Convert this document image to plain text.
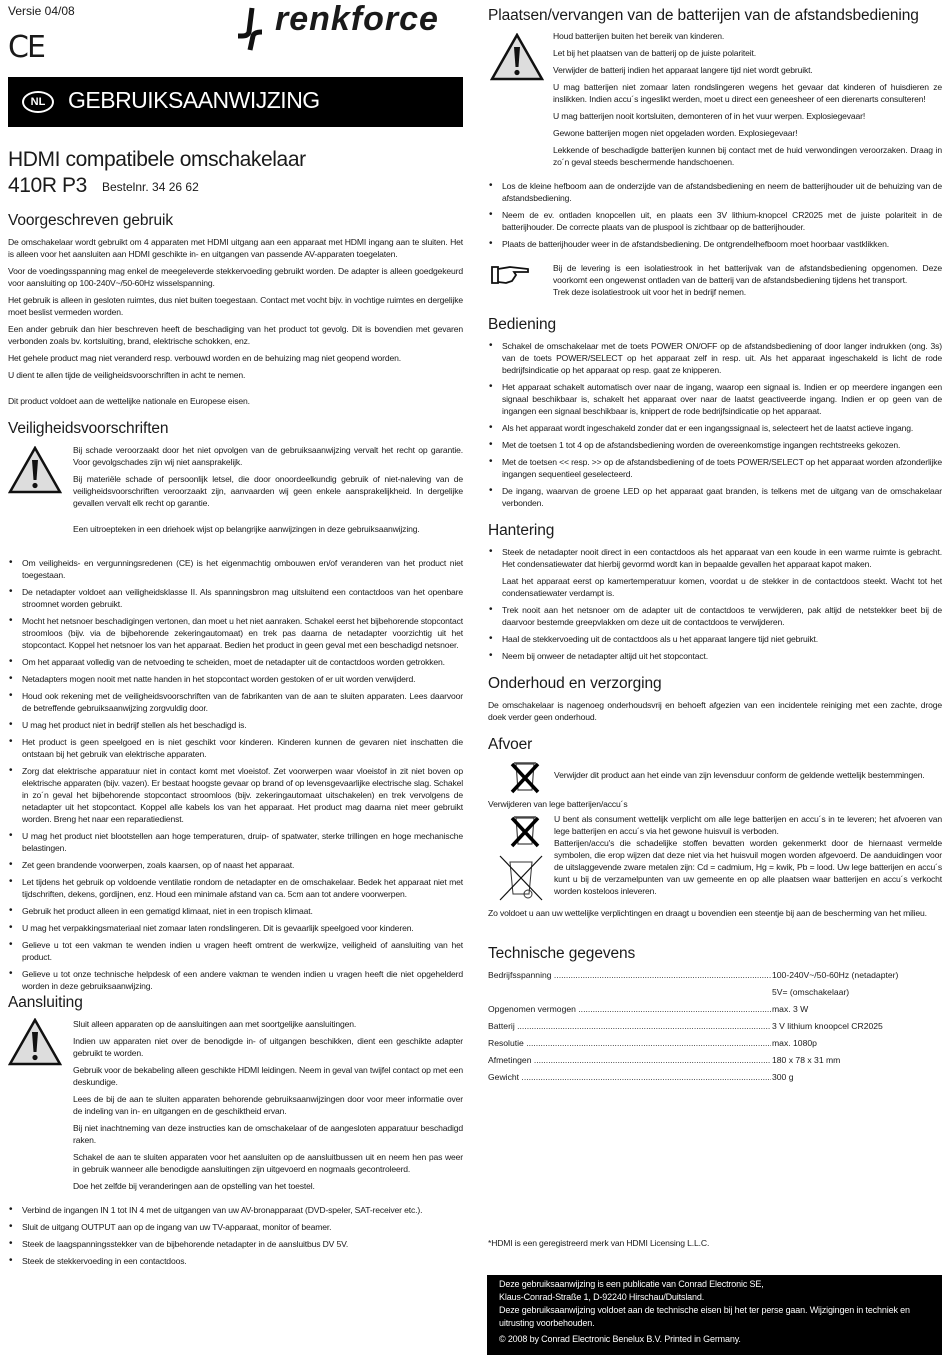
Versie 04/08
CE
renkforce
NL GEBRUIKSAANWIJZING
HDMI compatibele omschakelaar
410R P3 Bestelnr. 34 26 62
Voorgeschreven gebruik

De omschakelaar wordt gebruikt om 4 apparaten met HDMI uitgang aan een apparaat met HDMI ingang aan te sluiten. Het is alleen voor het aansluiten aan HDMI geschikte in- en uitgangen van passende AV-apparaten toegelaten.

Voor de voedingsspanning mag enkel de meegeleverde stekkervoeding gebruikt worden. De adapter is alleen goedgekeurd voor aansluiting op 100-240V~/50-60Hz wisselspanning.

Het gebruik is alleen in gesloten ruimtes, dus niet buiten toegestaan. Contact met vocht bijv. in vochtige ruimtes en dergelijke moet beslist vermeden worden.

Een ander gebruik dan hier beschreven heeft de beschadiging van het product tot gevolg. Dit is bovendien met gevaren verbonden zoals bv. kortsluiting, brand, elektrische schokken, enz.

Het gehele product mag niet veranderd resp. verbouwd worden en de behuizing mag niet geopend worden.

U dient te allen tijde de veiligheidsvoorschriften in acht te nemen.

Dit product voldoet aan de wettelijke nationale en Europese eisen.

Veiligheidsvoorschriften

Bij schade veroorzaakt door het niet opvolgen van de gebruiksaanwijzing vervalt het recht op garantie. Voor gevolgschades zijn wij niet aansprakelijk.

Bij materiële schade of persoonlijk letsel, die door onoordeelkundig gebruik of niet-naleving van de veiligheidsvoorschriften veroorzaakt zijn, aanvaarden wij geen enkele aansprakelijkheid. In dergelijke gevallen vervalt elk recht op garantie.

Een uitroepteken in een driehoek wijst op belangrijke aanwijzingen in deze gebruiksaanwijzing.

• Om veiligheids- en vergunningsredenen (CE) is het eigenmachtig ombouwen en/of veranderen van het product niet toegestaan.
• De netadapter voldoet aan veiligheidsklasse II. Als spanningsbron mag uitsluitend een contactdoos van het openbare stroomnet worden gebruikt.
• Mocht het netsnoer beschadigingen vertonen, dan moet u het niet aanraken. Schakel eerst het bijbehorende stopcontact stroomloos (bijv. via de bijbehorende zekeringautomaat) en trek pas daarna de netadapter voorzichtig uit het stopcontact. Koppel het netsnoer los van het apparaat. Bedien het product in geen geval met een beschadigd netsnoer.
• Om het apparaat volledig van de netvoeding te scheiden, moet de netadapter uit de contactdoos worden getrokken.
• Netadapters mogen nooit met natte handen in het stopcontact worden gestoken of er uit worden verwijderd.
• Houd ook rekening met de veiligheidsvoorschriften van de fabrikanten van de aan te sluiten apparaten. Lees daarvoor de betreffende gebruiksaanwijzing zorgvuldig door.
• U mag het product niet in bedrijf stellen als het beschadigd is.
• Het product is geen speelgoed en is niet geschikt voor kinderen. Kinderen kunnen de gevaren niet inschatten die ontstaan bij het gebruik van elektrische apparaten.
• Zorg dat elektrische apparatuur niet in contact komt met vloeistof. Zet voorwerpen waar vloeistof in zit niet boven op elektrische apparaten (bijv. vazen). Er bestaat hoogste gevaar op brand of op levensgevaarlijke electrische slag. Schakel in zo´n geval het bijbehorende stopcontact stroomloos (bijv. zekeringautomaat uitschakelen) en trek vervolgens de netadapter uit het stopcontact. Koppel alle kabels los van het apparaat. Het product mag daarna niet meer gebruikt worden. Breng het naar een reparatiedienst.
• U mag het product niet blootstellen aan hoge temperaturen, druip- of spatwater, sterke trillingen en hoge mechanische belastingen.
• Zet geen brandende voorwerpen, zoals kaarsen, op of naast het apparaat.
• Let tijdens het gebruik op voldoende ventilatie rondom de netadapter en de omschakelaar. Bedek het apparaat niet met tijdschriften, dekens, gordijnen, enz. Houd een minimale afstand van ca. 5cm aan tot andere voorwerpen.
• Gebruik het product alleen in een gematigd klimaat, niet in een tropisch klimaat.
• U mag het verpakkingsmateriaal niet zomaar laten rondslingeren. Dit is gevaarlijk speelgoed voor kinderen.
• Gelieve u tot een vakman te wenden indien u vragen heeft omtrent de werkwijze, veiligheid of aansluiting van het product.
• Gelieve u tot onze technische helpdesk of een andere vakman te wenden indien u vragen heeft die niet opgehelderd worden in deze gebruiksaanwijzing.
Aansluiting

Sluit alleen apparaten op de aansluitingen aan met soortgelijke aansluitingen.

Indien uw apparaten niet over de benodigde in- of uitgangen beschikken, dient een geschikte adapter gebruikt te worden.

Gebruik voor de bekabeling alleen geschikte HDMI leidingen. Neem in geval van twijfel contact op met een deskundige.

Lees de bij de aan te sluiten apparaten behorende gebruiksaanwijzingen door voor meer informatie over de indeling van in- en uitgangen en de geschiktheid ervan.

Bij niet inachtneming van deze instructies kan de omschakelaar of de aangesloten apparatuur beschadigd raken.

Schakel de aan te sluiten apparaten voor het aansluiten op de aansluitbussen uit en neem hen pas weer in gebruik wanneer alle benodigde aansluitingen zijn uitgevoerd en nogmaals gecontroleerd.

Doe het zelfde bij veranderingen aan de opstelling van het toestel.

• Verbind de ingangen IN 1 tot IN 4 met de uitgangen van uw AV-bronapparaat (DVD-speler, SAT-receiver etc.).
• Sluit de uitgang OUTPUT aan op de ingang van uw TV-apparaat, monitor of beamer.
• Steek de laagspanningsstekker van de bijbehorende netadapter in de aansluitbus DV 5V.
• Steek de stekkervoeding in een contactdoos.
Plaatsen/vervangen van de batterijen van de afstandsbediening

Houd batterijen buiten het bereik van kinderen.

Let bij het plaatsen van de batterij op de juiste polariteit.

Verwijder de batterij indien het apparaat langere tijd niet wordt gebruikt.

U mag batterijen niet zomaar laten rondslingeren wegens het gevaar dat kinderen of huisdieren ze inslikken. Indien accu´s ingeslikt werden, moet u direct een geneesheer of een dierenarts consulteren!

U mag batterijen nooit kortsluiten, demonteren of in het vuur werpen. Explosiegevaar!

Gewone batterijen mogen niet opgeladen worden. Explosiegevaar!

Lekkende of beschadigde batterijen kunnen bij contact met de huid verwondingen veroorzaken. Draag in zo´n geval steeds beschermende handschoenen.

• Los de kleine hefboom aan de onderzijde van de afstandsbediening en neem de batterijhouder uit de behuizing van de afstandsbediening.
• Neem de ev. ontladen knopcellen uit, en plaats een 3V lithium-knopcel CR2025 met de juiste polariteit in de batterijhouder. De correcte plaats van de pluspool is zichtbaar op de batterijhouder.
• Plaats de batterijhouder weer in de afstandsbediening. De ontgrendelhefboom moet hoorbaar vastklikken.

Bij de levering is een isolatiestrook in het batterijvak van de afstandsbediening opgenomen. Deze voorkomt een ongewenst ontladen van de batterij van de afstandsbediening tijdens het transport.

Trek deze isolatiestrook uit voor het in bedrijf nemen.

Bediening
• Schakel de omschakelaar met de toets POWER ON/OFF op de afstandsbediening of door langer indrukken (ong. 3s) van de toets POWER/SELECT op het apparaat zelf in resp. uit. Als het apparaat ingeschakeld is licht de rode bedrijfsindicatie op het apparaat op resp. gaat ze knipperen.
• Het apparaat schakelt automatisch over naar de ingang, waarop een signaal is. Indien er op meerdere ingangen een signaal beschikbaar is, schakelt het apparaat over naar de laatst geactiveerde ingang. Indien er op geen van de ingangen een signaal beschikbaar is, knippert de rode bedrijfsindicatie op het apparaat.
• Als het apparaat wordt ingeschakeld zonder dat er een ingangssignaal is, selecteert het de laatst actieve ingang.
• Met de toetsen 1 tot 4 op de afstandsbediening worden de overeenkomstige ingangen rechtstreeks gekozen.
• Met de toetsen << resp. >> op de afstandsbediening of de toets POWER/SELECT op het apparaat worden afzonderlijke ingangen sequentieel geselecteerd.
• De ingang, waarvan de groene LED op het apparaat gaat branden, is telkens met de uitgang van de omschakelaar verbonden.
Hantering
• Steek de netadapter nooit direct in een contactdoos als het apparaat van een koude in een warme ruimte is gebracht. Het condensatiewater dat hierbij gevormd wordt kan in bepaalde gevallen het apparaat kapot maken.
Laat het apparaat eerst op kamertemperatuur komen, voordat u de stekker in de contactdoos steekt. Wacht tot het condensatiewater verdampt is.
• Trek nooit aan het netsnoer om de adapter uit de contactdoos te verwijderen, pak altijd de netstekker beet bij de daarvoor bestemde greepvlakken om deze uit de contactdoos te verwijderen.
• Haal de stekkervoeding uit de contactdoos als u het apparaat langere tijd niet gebruikt.
• Neem bij onweer de netadapter altijd uit het stopcontact.
Onderhoud en verzorging

De omschakelaar is nagenoeg onderhoudsvrij en behoeft afgezien van een incidentele reiniging met een zachte, droge doek verder geen onderhoud.

Afvoer

Verwijder dit product aan het einde van zijn levensduur conform de geldende wettelijk bestemmingen.

Verwijderen van lege batterijen/accu´s

U bent als consument wettelijk verplicht om alle lege batterijen en accu´s in te leveren; het afvoeren van lege batterijen en accu´s via het gewone huisvuil is verboden.

Batterijen/accu's die schadelijke stoffen bevatten worden gekenmerkt door de hiernaast vermelde symbolen, die erop wijzen dat deze niet via het huisvuil mogen worden afgevoerd. De aanduidingen voor de uitslaggevende zware metalen zijn: Cd = cadmium, Hg = kwik, Pb = lood. Uw lege batterijen en accu´s kunt u bij de verzamelpunten van uw gemeente en op alle plaatsen waar batterijen en accu´s verkocht worden kosteloos inleveren.

Zo voldoet u aan uw wettelijke verplichtingen en draagt u bovendien een steentje bij aan de bescherming van het milieu.

Technische gegevens
Bedrijfsspanning .....	100-240V~/50-60Hz (netadapter)
5V= (omschakelaar)
Opgenomen vermogen .....	max. 3 W
Batterij .....	3 V lithium knoopcel CR2025
Resolutie .....	max. 1080p
Afmetingen .....	180 x 78 x 31 mm
Gewicht .....	300 g
*HDMI is een geregistreerd merk van HDMI Licensing L.L.C.

Deze gebruiksaanwijzing is een publicatie van Conrad Electronic SE,

Klaus-Conrad-Straße 1, D-92240 Hirschau/Duitsland.

Deze gebruiksaanwijzing voldoet aan de technische eisen bij het ter perse gaan. Wijzigingen in techniek en uitrusting voorbehouden.

© 2008 by Conrad Electronic Benelux B.V. Printed in Germany.
